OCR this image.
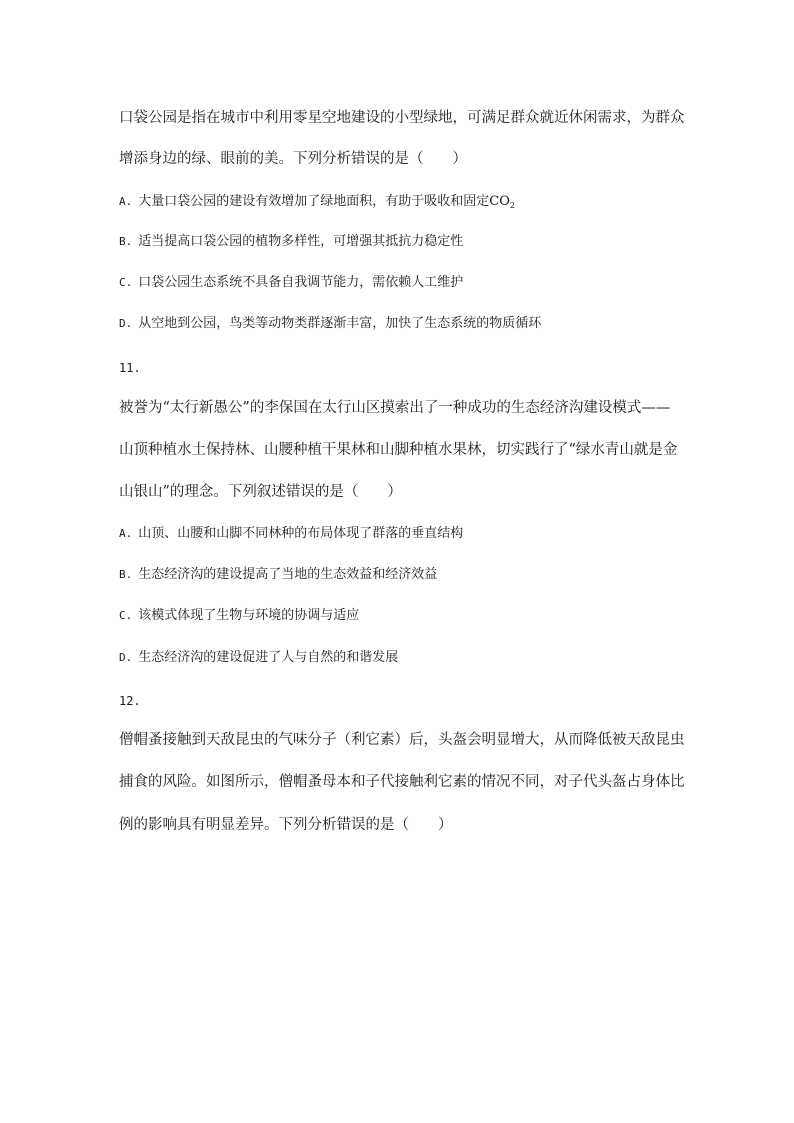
口袋公园是指在城市中利用零星空地建设的小型绿地，可满足群众就近休闲需求，为群众
增添身边的绿、眼前的美。下列分析错误的是（　　）
A. 大量口袋公园的建设有效增加了绿地面积，有助于吸收和固定$CO_2$
B. 适当提高口袋公园的植物多样性，可增强其抵抗力稳定性
C. 口袋公园生态系统不具备自我调节能力，需依赖人工维护
D. 从空地到公园，鸟类等动物类群逐渐丰富，加快了生态系统的物质循环
11.
被誉为“太行新愚公”的李保国在太行山区摸索出了一种成功的生态经济沟建设模式——
山顶种植水土保持林、山腰种植干果林和山脚种植水果林，切实践行了“绿水青山就是金
山银山”的理念。下列叙述错误的是（　　）
A. 山顶、山腰和山脚不同林种的布局体现了群落的垂直结构
B. 生态经济沟的建设提高了当地的生态效益和经济效益
C. 该模式体现了生物与环境的协调与适应
D. 生态经济沟的建设促进了人与自然的和谐发展
12.
僧帽蚤接触到天敌昆虫的气味分子（利它素）后，头盔会明显增大，从而降低被天敌昆虫
捕食的风险。如图所示，僧帽蚤母本和子代接触利它素的情况不同，对子代头盔占身体比
例的影响具有明显差异。下列分析错误的是（　　）
